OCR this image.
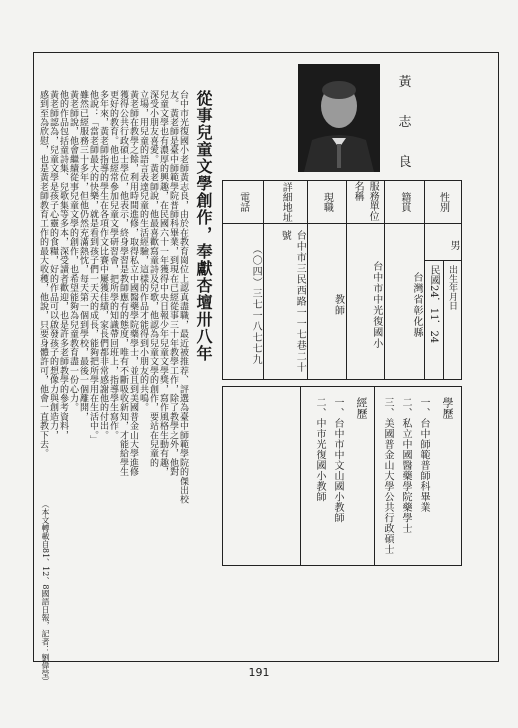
黃
志
良
性別
男
出生年月日
民國24．11．24
籍貫
台灣省彰化縣
服務單位名稱
台中市中光復國小
現職
教師
詳細地址
台中市三民西路一一七巷二十號
電話
（〇四）三七一八七七九
學歷
一、台中師範普師科畢業
二、私立中國醫藥學院藥學士
三、美國普金山大學公共行政碩士
經歷
一、台中市中文山國小教師
二、中市光復國小教師
從事兒童文學創作，奉獻杏壇卅八年
台中市光復國小老師黃志良，由於在教育崗位上認真盡職，最近被推荐、評選為臺中師範學院的傑出校
友。黃老師是臺中師範學院普師科畢業，到現在已經從事三十年教學工作，除了教學之外，他對
兒童文學也有濃厚的興趣，在民國六十一年獲得中央日報少年兒童文學獎，寫作風格生動有趣，
深受小朋友喜愛。黃老師說，他最喜歡寫童詩及兒歌，他認為兒童文學的創作，要站在兒童的
立場，用兒童的語言表達兒童的生活經驗，這樣的作品才能得到小朋友的共鳴。
黃老師在教學之餘，利用時間進修，取得私立中國醫藥學院藥學士，並且到美國普金山大學進修
獲得公共行政碩士學位，他表示，終身學習是教師應有的態度，唯有不斷吸收新知，才能給學生
更好的教育。他也經常參加兒童文學研習會，把所學的知識帶回班上，指導學生寫作。
多年來，黃老師指導的學生在各項作文比賽中屢獲佳績，家長們都非常感謝他的付出。
他說：「當老師最大的快樂，就是看到孩子們一天天的成長，能夠把所學用在生活中。」
雖然已經服務三十多年，但他仍然充滿熱忱，每天第一個到學校，最後一個離開，
黃老師說，他會繼續從事兒童文學的創作，也希望能夠為兒童教育盡一份心力。
他的作品包括童詩集、兒歌集等多本，深受讀者歡迎，也是許多老師教學的參考資料，
黃老師認為，兒童文學是孩子心靈的食糧，好的作品可以啟發孩子的想像力與創造力，
感到至為欣慰，也是黃老師教育工作的最大收穫，他說，只要身體許可，他會一直教下去。
（本文轉載自81、12、8國語日報，記者：劉偉瑩）	191
